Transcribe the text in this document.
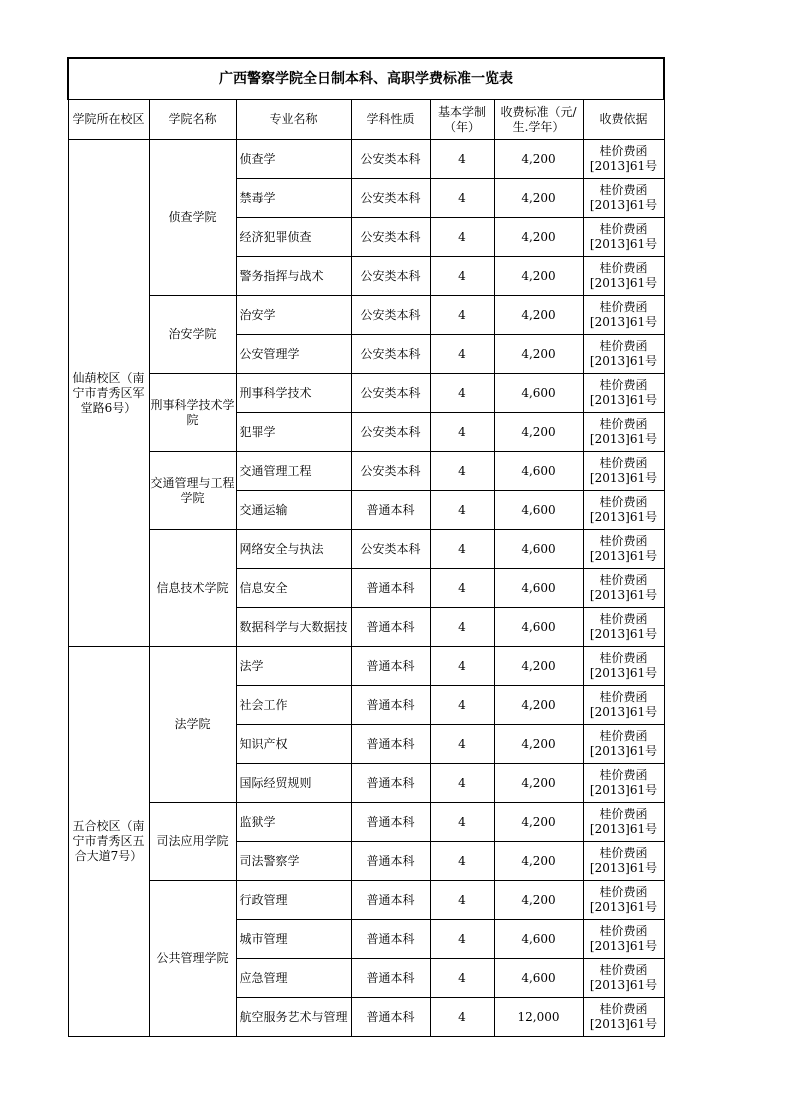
广西警察学院全日制本科、高职学费标准一览表						
学院所在校区	学院名称	专业名称	学科性质	基本学制（年）	收费标准（元/生.学年）	收费依据
仙葫校区（南宁市青秀区军堂路6号）	侦查学院	侦查学	公安类本科	4	4,200	桂价费函[2013]61号
		禁毒学	公安类本科	4	4,200	桂价费函[2013]61号
		经济犯罪侦查	公安类本科	4	4,200	桂价费函[2013]61号
		警务指挥与战术	公安类本科	4	4,200	桂价费函[2013]61号
	治安学院	治安学	公安类本科	4	4,200	桂价费函[2013]61号
		公安管理学	公安类本科	4	4,200	桂价费函[2013]61号
	刑事科学技术学院	刑事科学技术	公安类本科	4	4,600	桂价费函[2013]61号
		犯罪学	公安类本科	4	4,200	桂价费函[2013]61号
	交通管理与工程学院	交通管理工程	公安类本科	4	4,600	桂价费函[2013]61号
		交通运输	普通本科	4	4,600	桂价费函[2013]61号
	信息技术学院	网络安全与执法	公安类本科	4	4,600	桂价费函[2013]61号
		信息安全	普通本科	4	4,600	桂价费函[2013]61号
		数据科学与大数据技	普通本科	4	4,600	桂价费函[2013]61号
五合校区（南宁市青秀区五合大道7号）	法学院	法学	普通本科	4	4,200	桂价费函[2013]61号
		社会工作	普通本科	4	4,200	桂价费函[2013]61号
		知识产权	普通本科	4	4,200	桂价费函[2013]61号
		国际经贸规则	普通本科	4	4,200	桂价费函[2013]61号
	司法应用学院	监狱学	普通本科	4	4,200	桂价费函[2013]61号
		司法警察学	普通本科	4	4,200	桂价费函[2013]61号
	公共管理学院	行政管理	普通本科	4	4,200	桂价费函[2013]61号
		城市管理	普通本科	4	4,600	桂价费函[2013]61号
		应急管理	普通本科	4	4,600	桂价费函[2013]61号
		航空服务艺术与管理	普通本科	4	12,000	桂价费函[2013]61号
